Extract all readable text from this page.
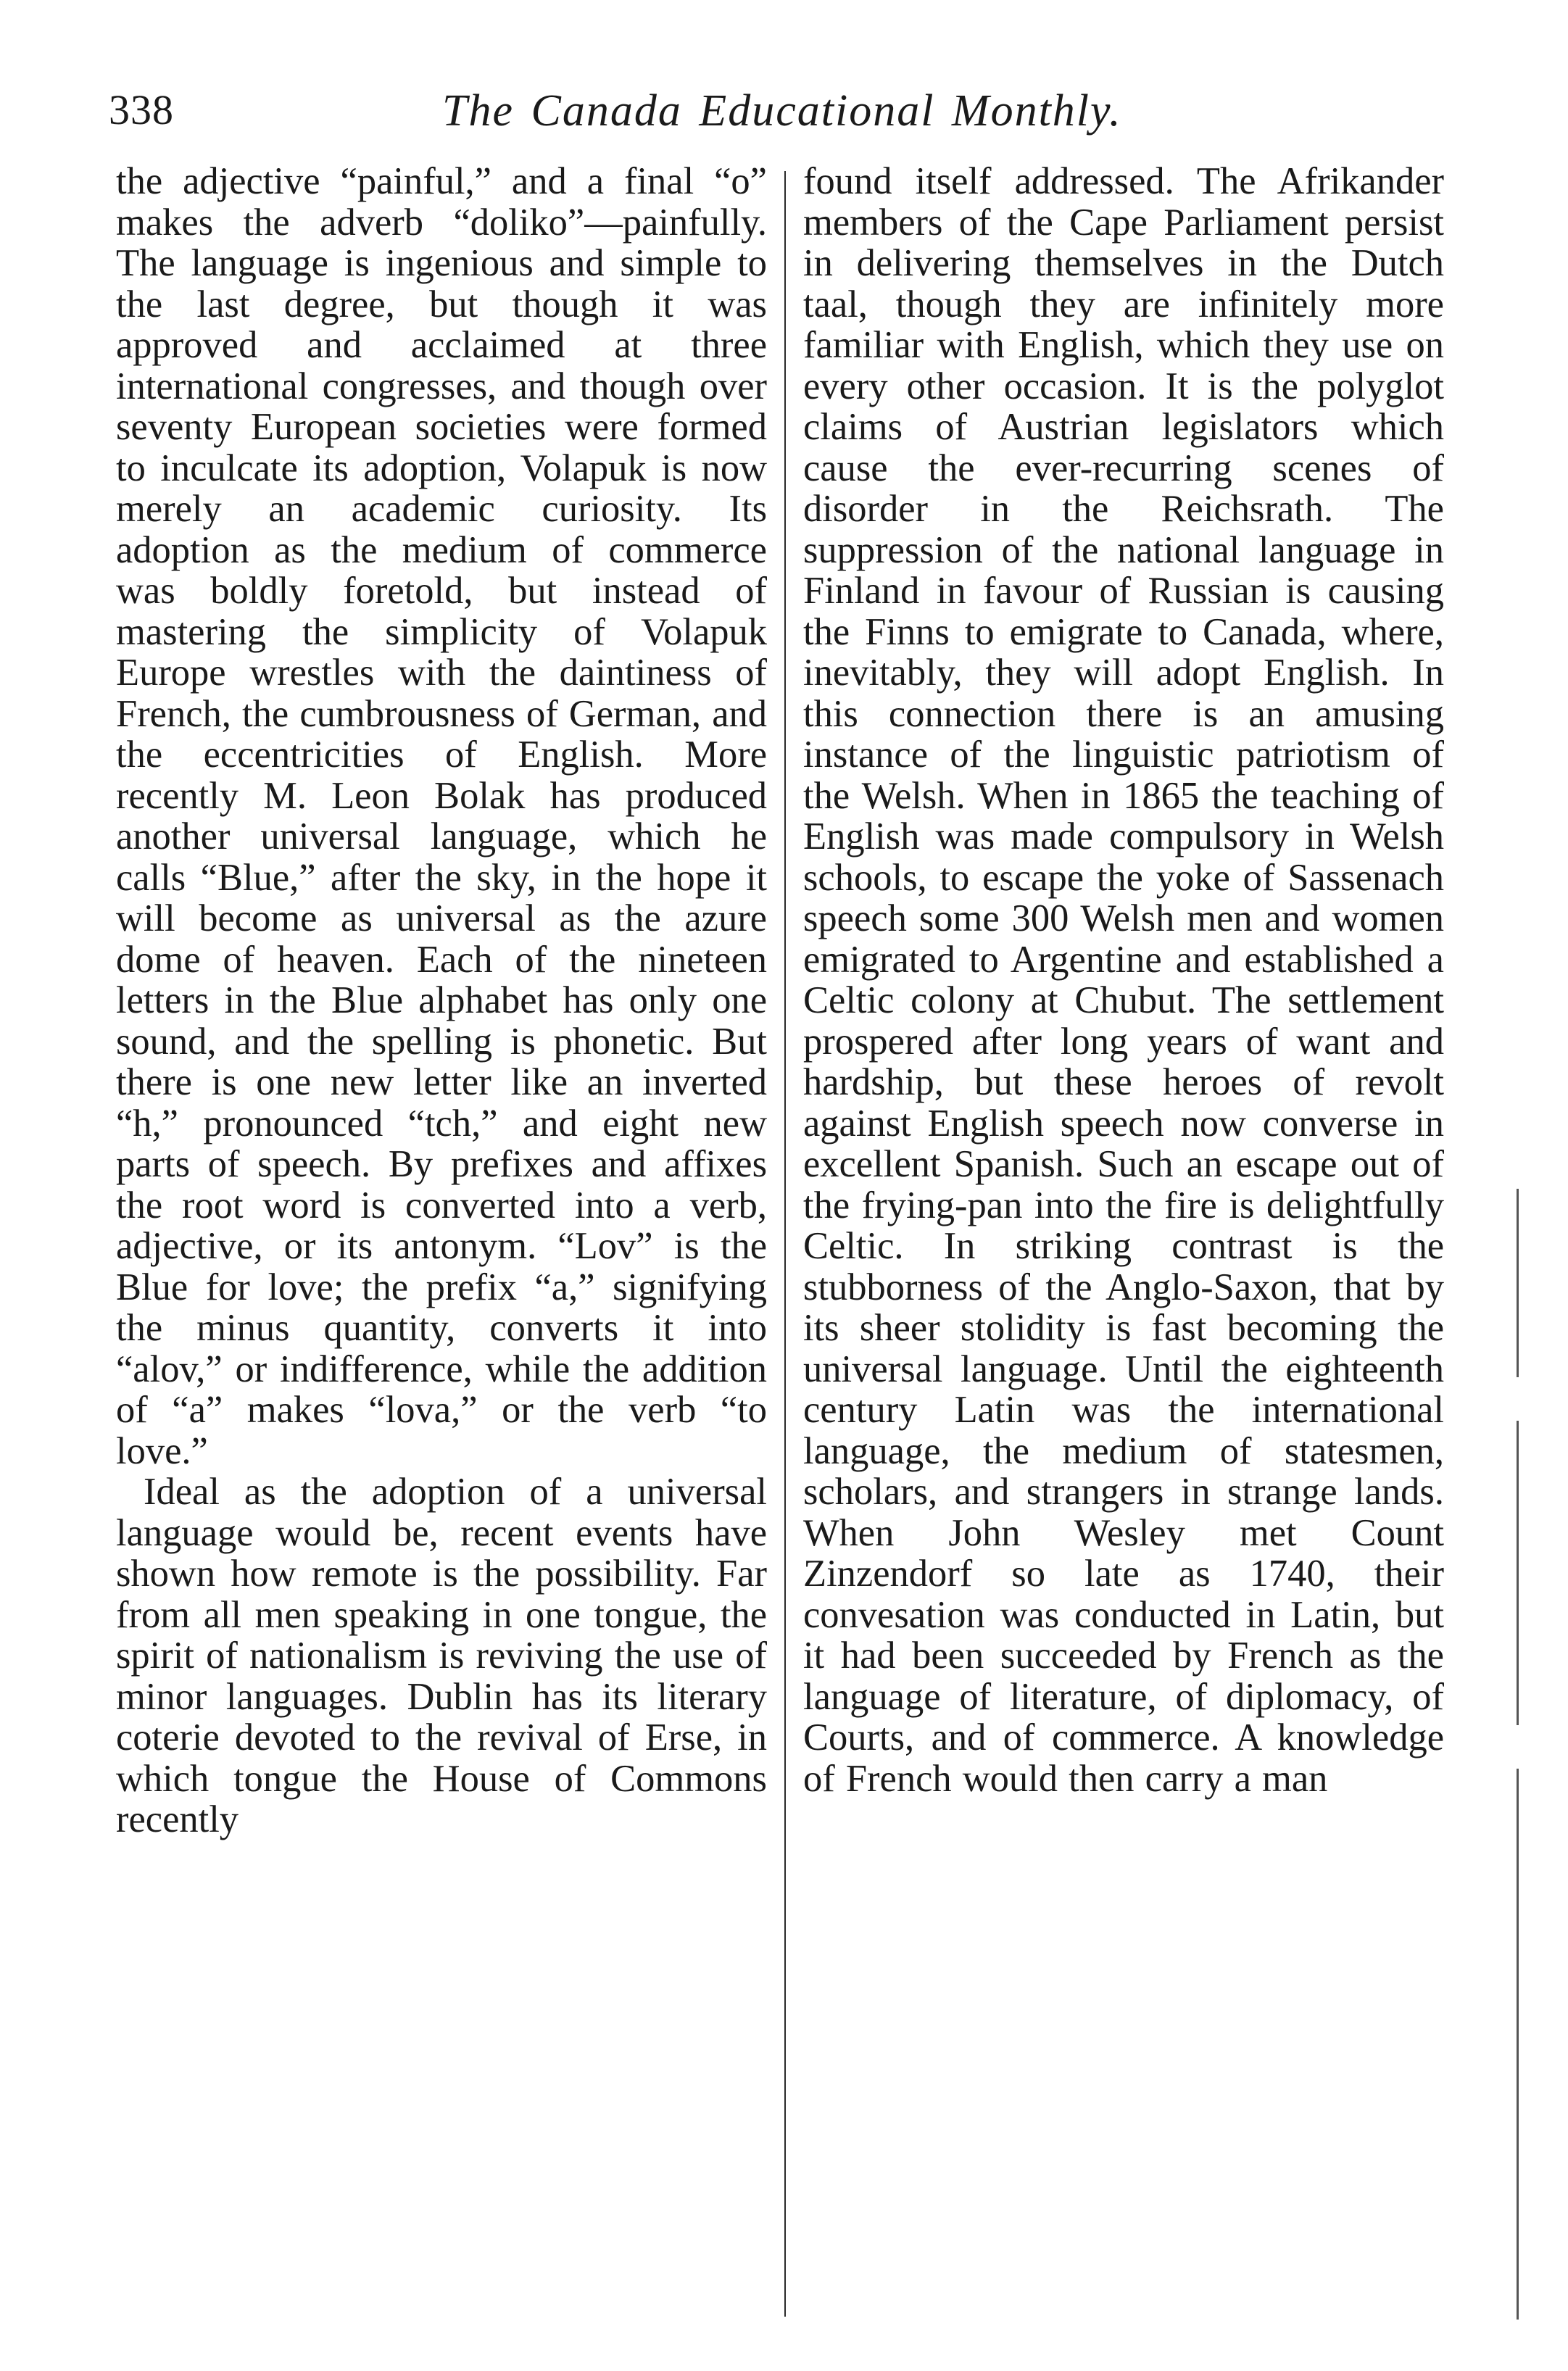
338	The Canada Educational Monthly.

the adjective “painful,” and a final “o” makes the adverb “doliko”—painfully. The language is ingenious and simple to the last degree, but though it was approved and acclaimed at three international congresses, and though over seventy European societies were formed to inculcate its adoption, Volapuk is now merely an academic curiosity. Its adoption as the medium of commerce was boldly foretold, but instead of mastering the simplicity of Volapuk Europe wrestles with the daintiness of French, the cumbrousness of German, and the eccentricities of English. More recently M. Leon Bolak has produced another universal language, which he calls “Blue,” after the sky, in the hope it will become as universal as the azure dome of heaven. Each of the nineteen letters in the Blue alphabet has only one sound, and the spelling is phonetic. But there is one new letter like an inverted “h,” pronounced “tch,” and eight new parts of speech. By prefixes and affixes the root word is converted into a verb, adjective, or its antonym. “Lov” is the Blue for love; the prefix “a,” signifying the minus quantity, converts it into “alov,” or indifference, while the addition of “a” makes “lova,” or the verb “to love.”

Ideal as the adoption of a universal language would be, recent events have shown how remote is the possibility. Far from all men speaking in one tongue, the spirit of nationalism is reviving the use of minor languages. Dublin has its literary coterie devoted to the revival of Erse, in which tongue the House of Commons recently

found itself addressed. The Afrikander members of the Cape Parliament persist in delivering themselves in the Dutch taal, though they are infinitely more familiar with English, which they use on every other occasion. It is the polyglot claims of Austrian legislators which cause the ever-recurring scenes of disorder in the Reichsrath. The suppression of the national language in Finland in favour of Russian is causing the Finns to emigrate to Canada, where, inevitably, they will adopt English. In this connection there is an amusing instance of the linguistic patriotism of the Welsh. When in 1865 the teaching of English was made compulsory in Welsh schools, to escape the yoke of Sassenach speech some 300 Welsh men and women emigrated to Argentine and established a Celtic colony at Chubut. The settlement prospered after long years of want and hardship, but these heroes of revolt against English speech now converse in excellent Spanish. Such an escape out of the frying-pan into the fire is delightfully Celtic. In striking contrast is the stubborness of the Anglo-Saxon, that by its sheer stolidity is fast becoming the universal language. Until the eighteenth century Latin was the international language, the medium of statesmen, scholars, and strangers in strange lands. When John Wesley met Count Zinzendorf so late as 1740, their convesation was conducted in Latin, but it had been succeeded by French as the language of literature, of diplomacy, of Courts, and of commerce. A knowledge of French would then carry a man
